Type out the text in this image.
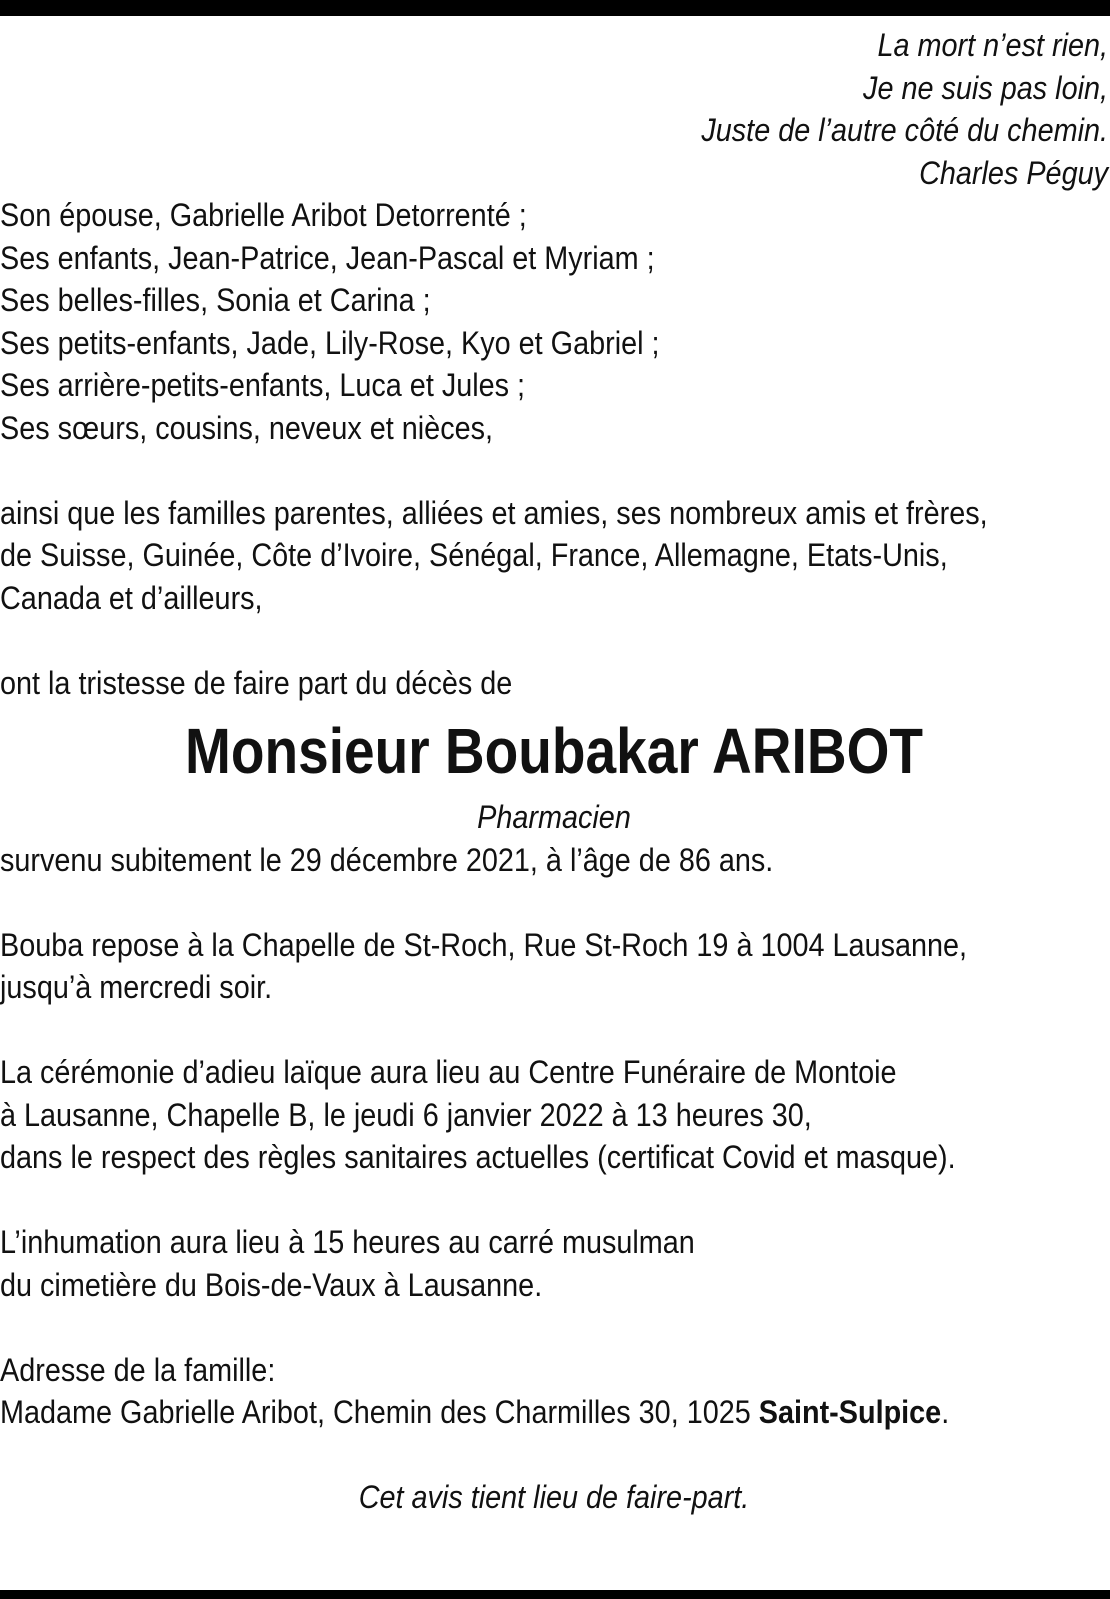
La mort n’est rien,
Je ne suis pas loin,
Juste de l’autre côté du chemin.
Charles Péguy
Son épouse, Gabrielle Aribot Detorrenté ;
Ses enfants, Jean-Patrice, Jean-Pascal et Myriam ;
Ses belles-filles, Sonia et Carina ;
Ses petits-enfants, Jade, Lily-Rose, Kyo et Gabriel ;
Ses arrière-petits-enfants, Luca et Jules ;
Ses sœurs, cousins, neveux et nièces,
ainsi que les familles parentes, alliées et amies, ses nombreux amis et frères,
de Suisse, Guinée, Côte d’Ivoire, Sénégal, France, Allemagne, Etats-Unis,
Canada et d’ailleurs,
ont la tristesse de faire part du décès de
Monsieur Boubakar ARIBOT
Pharmacien
survenu subitement le 29 décembre 2021, à l’âge de 86 ans.
Bouba repose à la Chapelle de St-Roch, Rue St-Roch 19 à 1004 Lausanne,
jusqu’à mercredi soir.
La cérémonie d’adieu laïque aura lieu au Centre Funéraire de Montoie
à Lausanne, Chapelle B, le jeudi 6 janvier 2022 à 13 heures 30,
dans le respect des règles sanitaires actuelles (certificat Covid et masque).
L’inhumation aura lieu à 15 heures au carré musulman
du cimetière du Bois-de-Vaux à Lausanne.
Adresse de la famille:
Madame Gabrielle Aribot, Chemin des Charmilles 30, 1025 Saint-Sulpice.
Cet avis tient lieu de faire-part.
